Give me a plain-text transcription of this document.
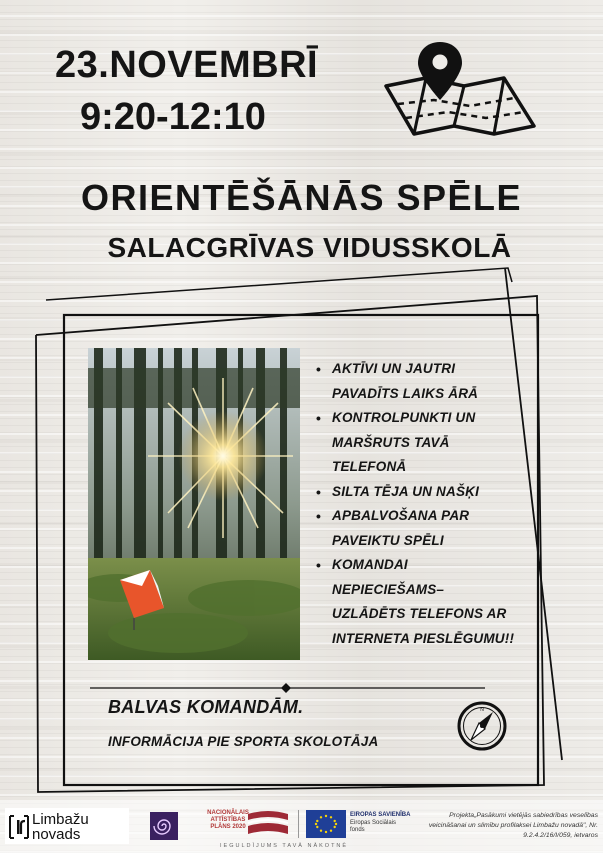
23.NOVEMBRĪ
9:20-12:10
ORIENTĒŠĀNĀS SPĒLE
SALACGRĪVAS VIDUSSKOLĀ
• AKTĪVI UN JAUTRI
PAVADĪTS LAIKS ĀRĀ
• KONTROLPUNKTI UN
MARŠRUTS TAVĀ
TELEFONĀ
• SILTA TĒJA UN NAŠĶI
• APBALVOŠANA PAR
PAVEIKTU SPĒLI
• KOMANDAI
NEPIECIEŠAMS–
UZLĀDĒTS TELEFONS AR
INTERNETA PIESLĒGUMU!!
BALVAS KOMANDĀM.
INFORMĀCIJA PIE SPORTA SKOLOTĀJA
N
Limbažu
novads
NACIONĀLAIS
ATTĪSTĪBAS
PLĀNS 2020
EIROPAS SAVIENĪBA
Eiropas Sociālais
fonds
IEGULDĪJUMS TAVĀ NĀKOTNĒ
Projekta„Pasākumi vietējās sabiedrības veselības
veicināšanai un slimību profilaksei Limbažu novadā", Nr.
9.2.4.2/16/I/059, ietvaros
